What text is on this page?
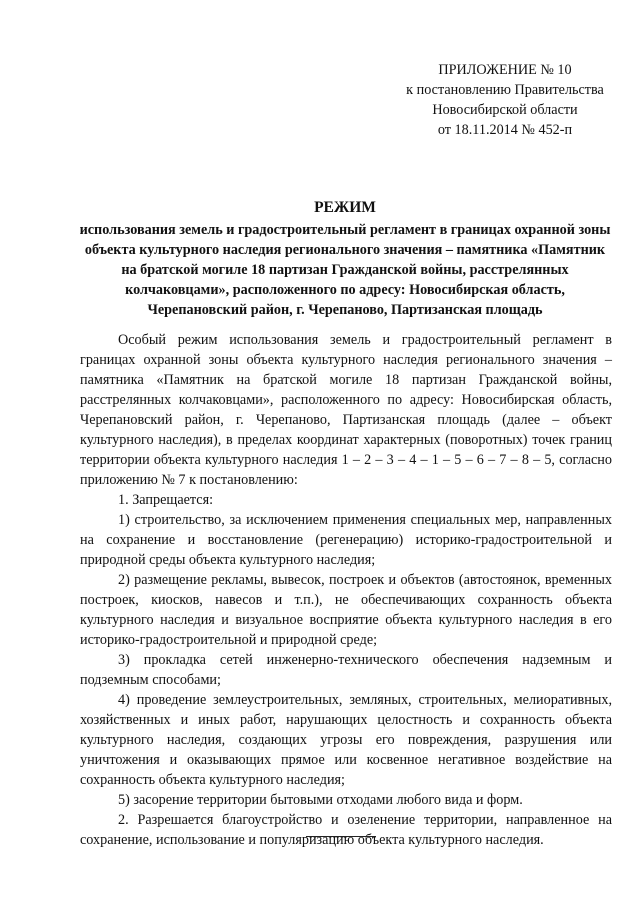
ПРИЛОЖЕНИЕ № 10
к постановлению Правительства
Новосибирской области
от 18.11.2014 № 452-п
РЕЖИМ
использования земель и градостроительный регламент в границах охранной зоны объекта культурного наследия регионального значения – памятника «Памятник на братской могиле 18 партизан Гражданской войны, расстрелянных колчаковцами», расположенного по адресу: Новосибирская область, Черепановский район, г. Черепаново, Партизанская площадь

Особый режим использования земель и градостроительный регламент в границах охранной зоны объекта культурного наследия регионального значения – памятника «Памятник на братской могиле 18 партизан Гражданской войны, расстрелянных колчаковцами», расположенного по адресу: Новосибирская область, Черепановский район, г. Черепаново, Партизанская площадь (далее – объект культурного наследия), в пределах координат характерных (поворотных) точек границ территории объекта культурного наследия 1 – 2 – 3 – 4 – 1 – 5 – 6 – 7 – 8 – 5, согласно приложению № 7 к постановлению:

1. Запрещается:

1) строительство, за исключением применения специальных мер, направленных на сохранение и восстановление (регенерацию) историко-градостроительной и природной среды объекта культурного наследия;

2) размещение рекламы, вывесок, построек и объектов (автостоянок, временных построек, киосков, навесов и т.п.), не обеспечивающих сохранность объекта культурного наследия и визуальное восприятие объекта культурного наследия в его историко-градостроительной и природной среде;

3) прокладка сетей инженерно-технического обеспечения надземным и подземным способами;

4) проведение землеустроительных, земляных, строительных, мелиоративных, хозяйственных и иных работ, нарушающих целостность и сохранность объекта культурного наследия, создающих угрозы его повреждения, разрушения или уничтожения и оказывающих прямое или косвенное негативное воздействие на сохранность объекта культурного наследия;

5) засорение территории бытовыми отходами любого вида и форм.

2. Разрешается благоустройство и озеленение территории, направленное на сохранение, использование и популяризацию объекта культурного наследия.
